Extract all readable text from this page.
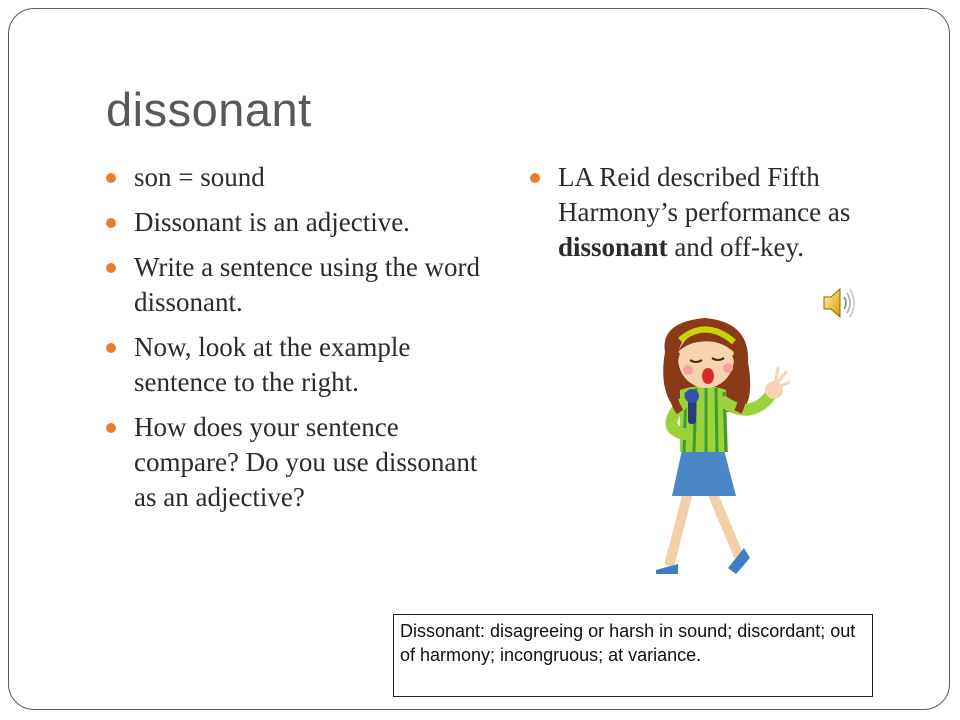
dissonant
son = sound
Dissonant is an adjective.
Write a sentence using the word dissonant.
Now, look at the example sentence to the right.
How does your sentence compare? Do you use dissonant as an adjective?
LA Reid described Fifth Harmony’s performance as dissonant and off-key.
Dissonant: disagreeing or harsh in sound; discordant; out of harmony; incongruous; at variance.
